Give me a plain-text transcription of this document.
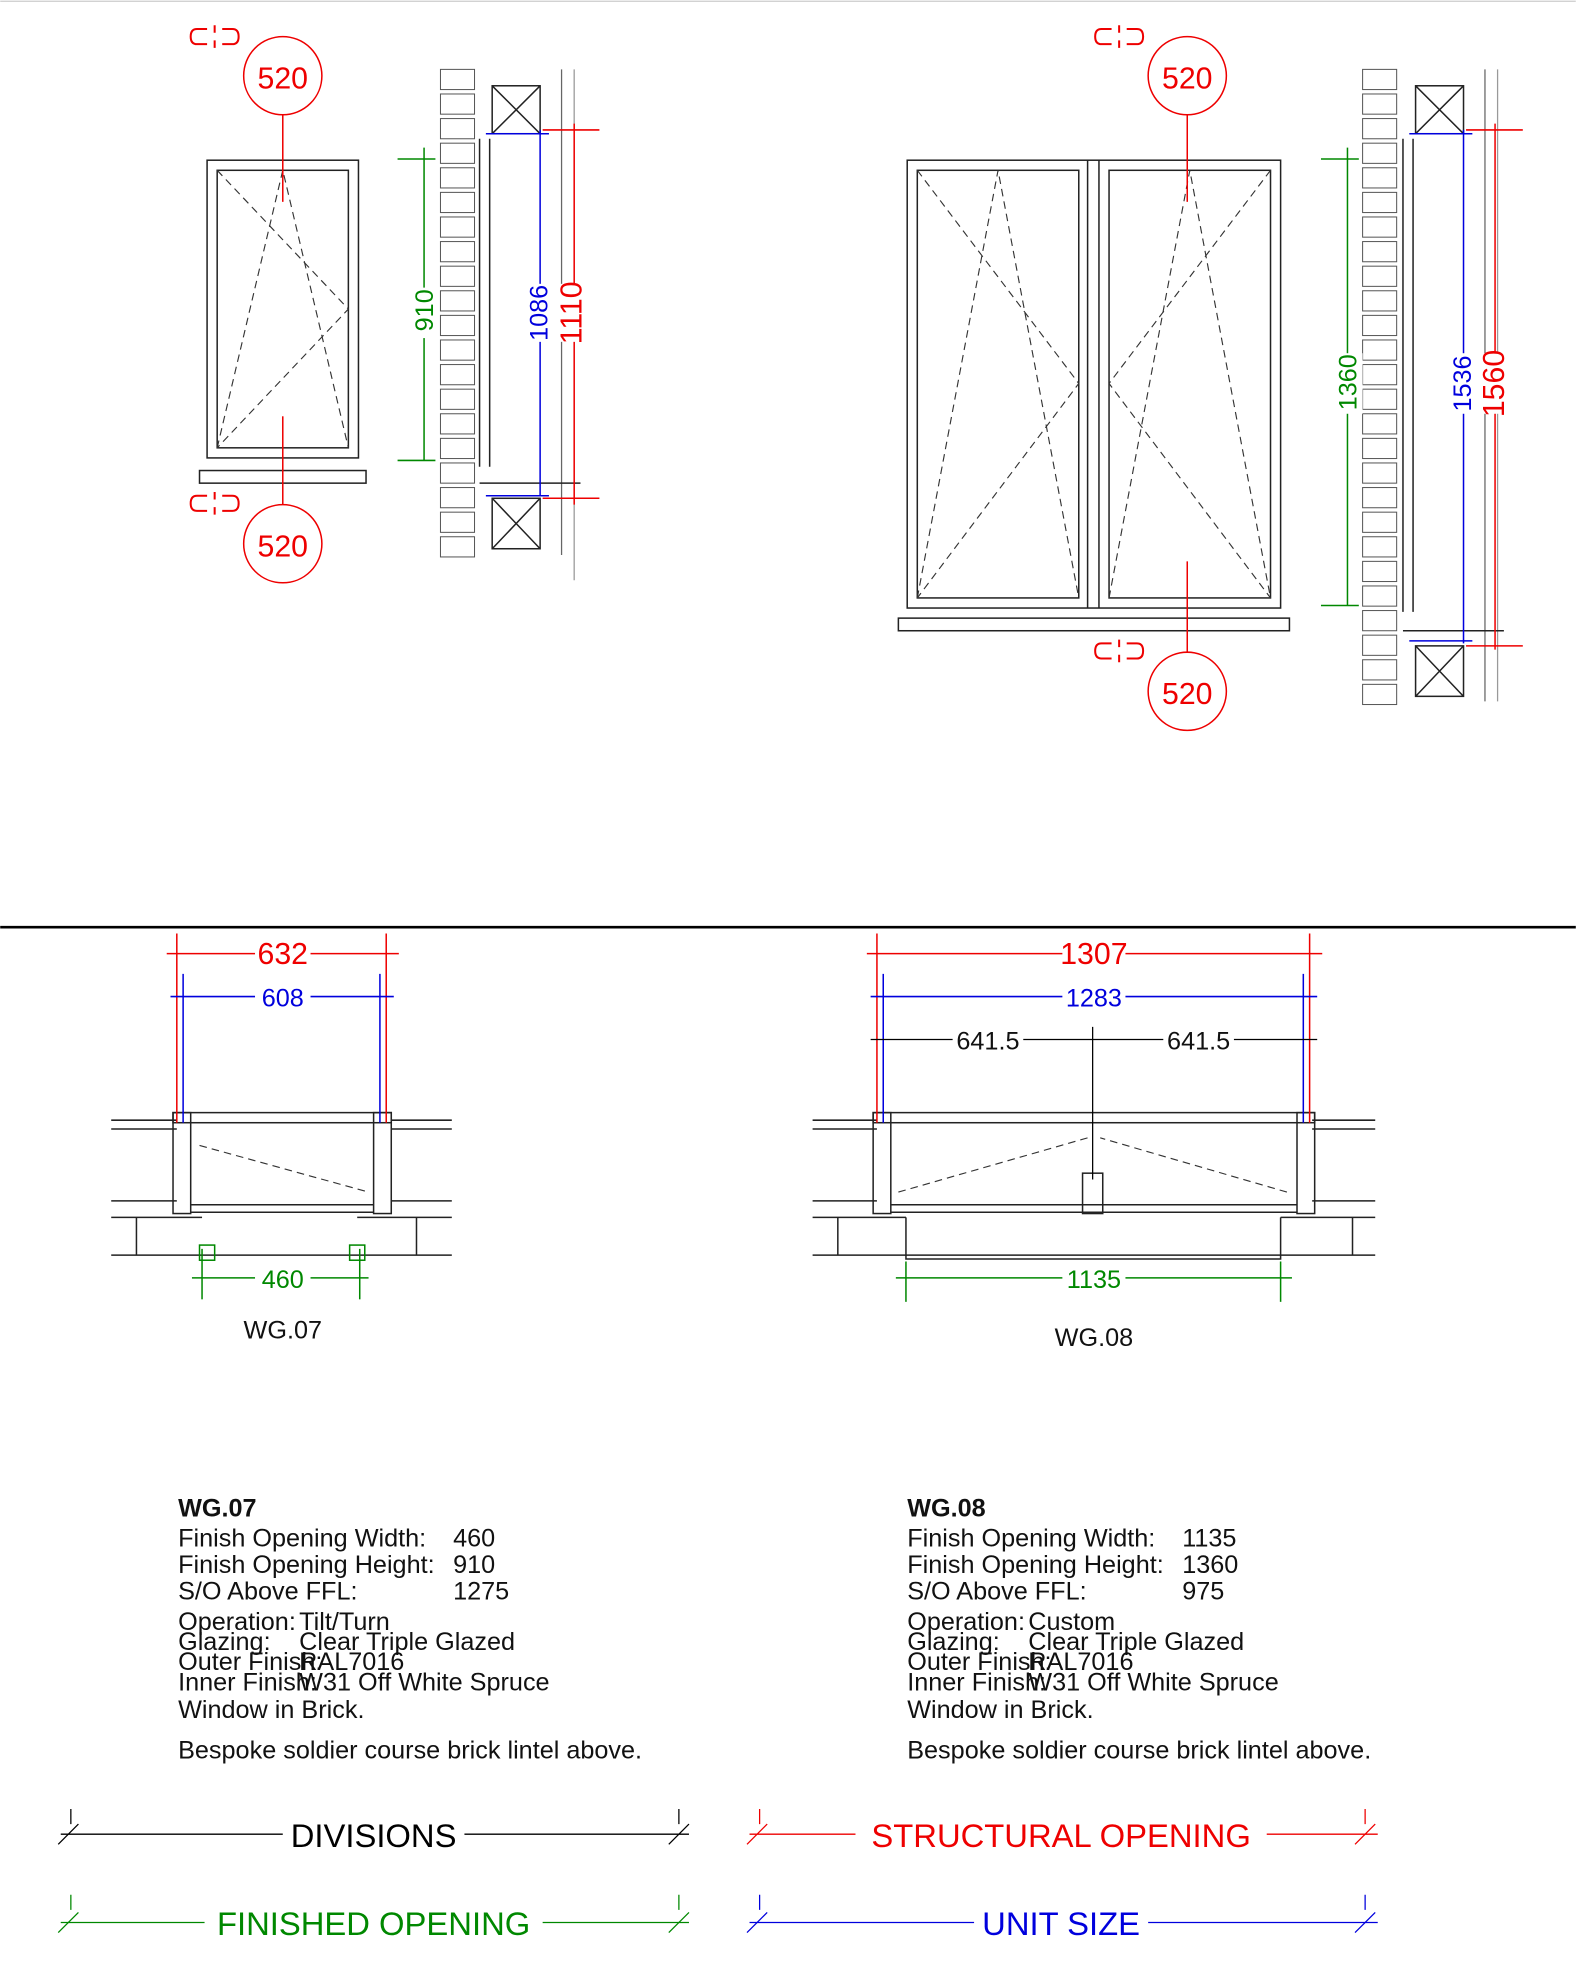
520
520
910	1086 1110
520
520
1360	1536 1560
632
608
460
WG.07
1307
1283
641.5	641.5
1135
WG.08
WG.07
Finish Opening Width: 460
Finish Opening Height: 910
S/O Above FFL:	1275
Operation: Tilt/Turn
Glazing: Clear Triple Glazed
Outer Finish:
RAL7016
Inner Finish:
W31 Off White Spruce
Window in Brick.
Bespoke soldier course brick lintel above.
WG.08
Finish Opening Width: 1135
Finish Opening Height: 1360
S/O Above FFL:	975
Operation: Custom
Glazing: Clear Triple Glazed
Outer Finish:
RAL7016
Inner Finish:
W31 Off White Spruce
Window in Brick.
Bespoke soldier course brick lintel above.
DIVISIONS	STRUCTURAL OPENING
FINISHED OPENING	UNIT SIZE
